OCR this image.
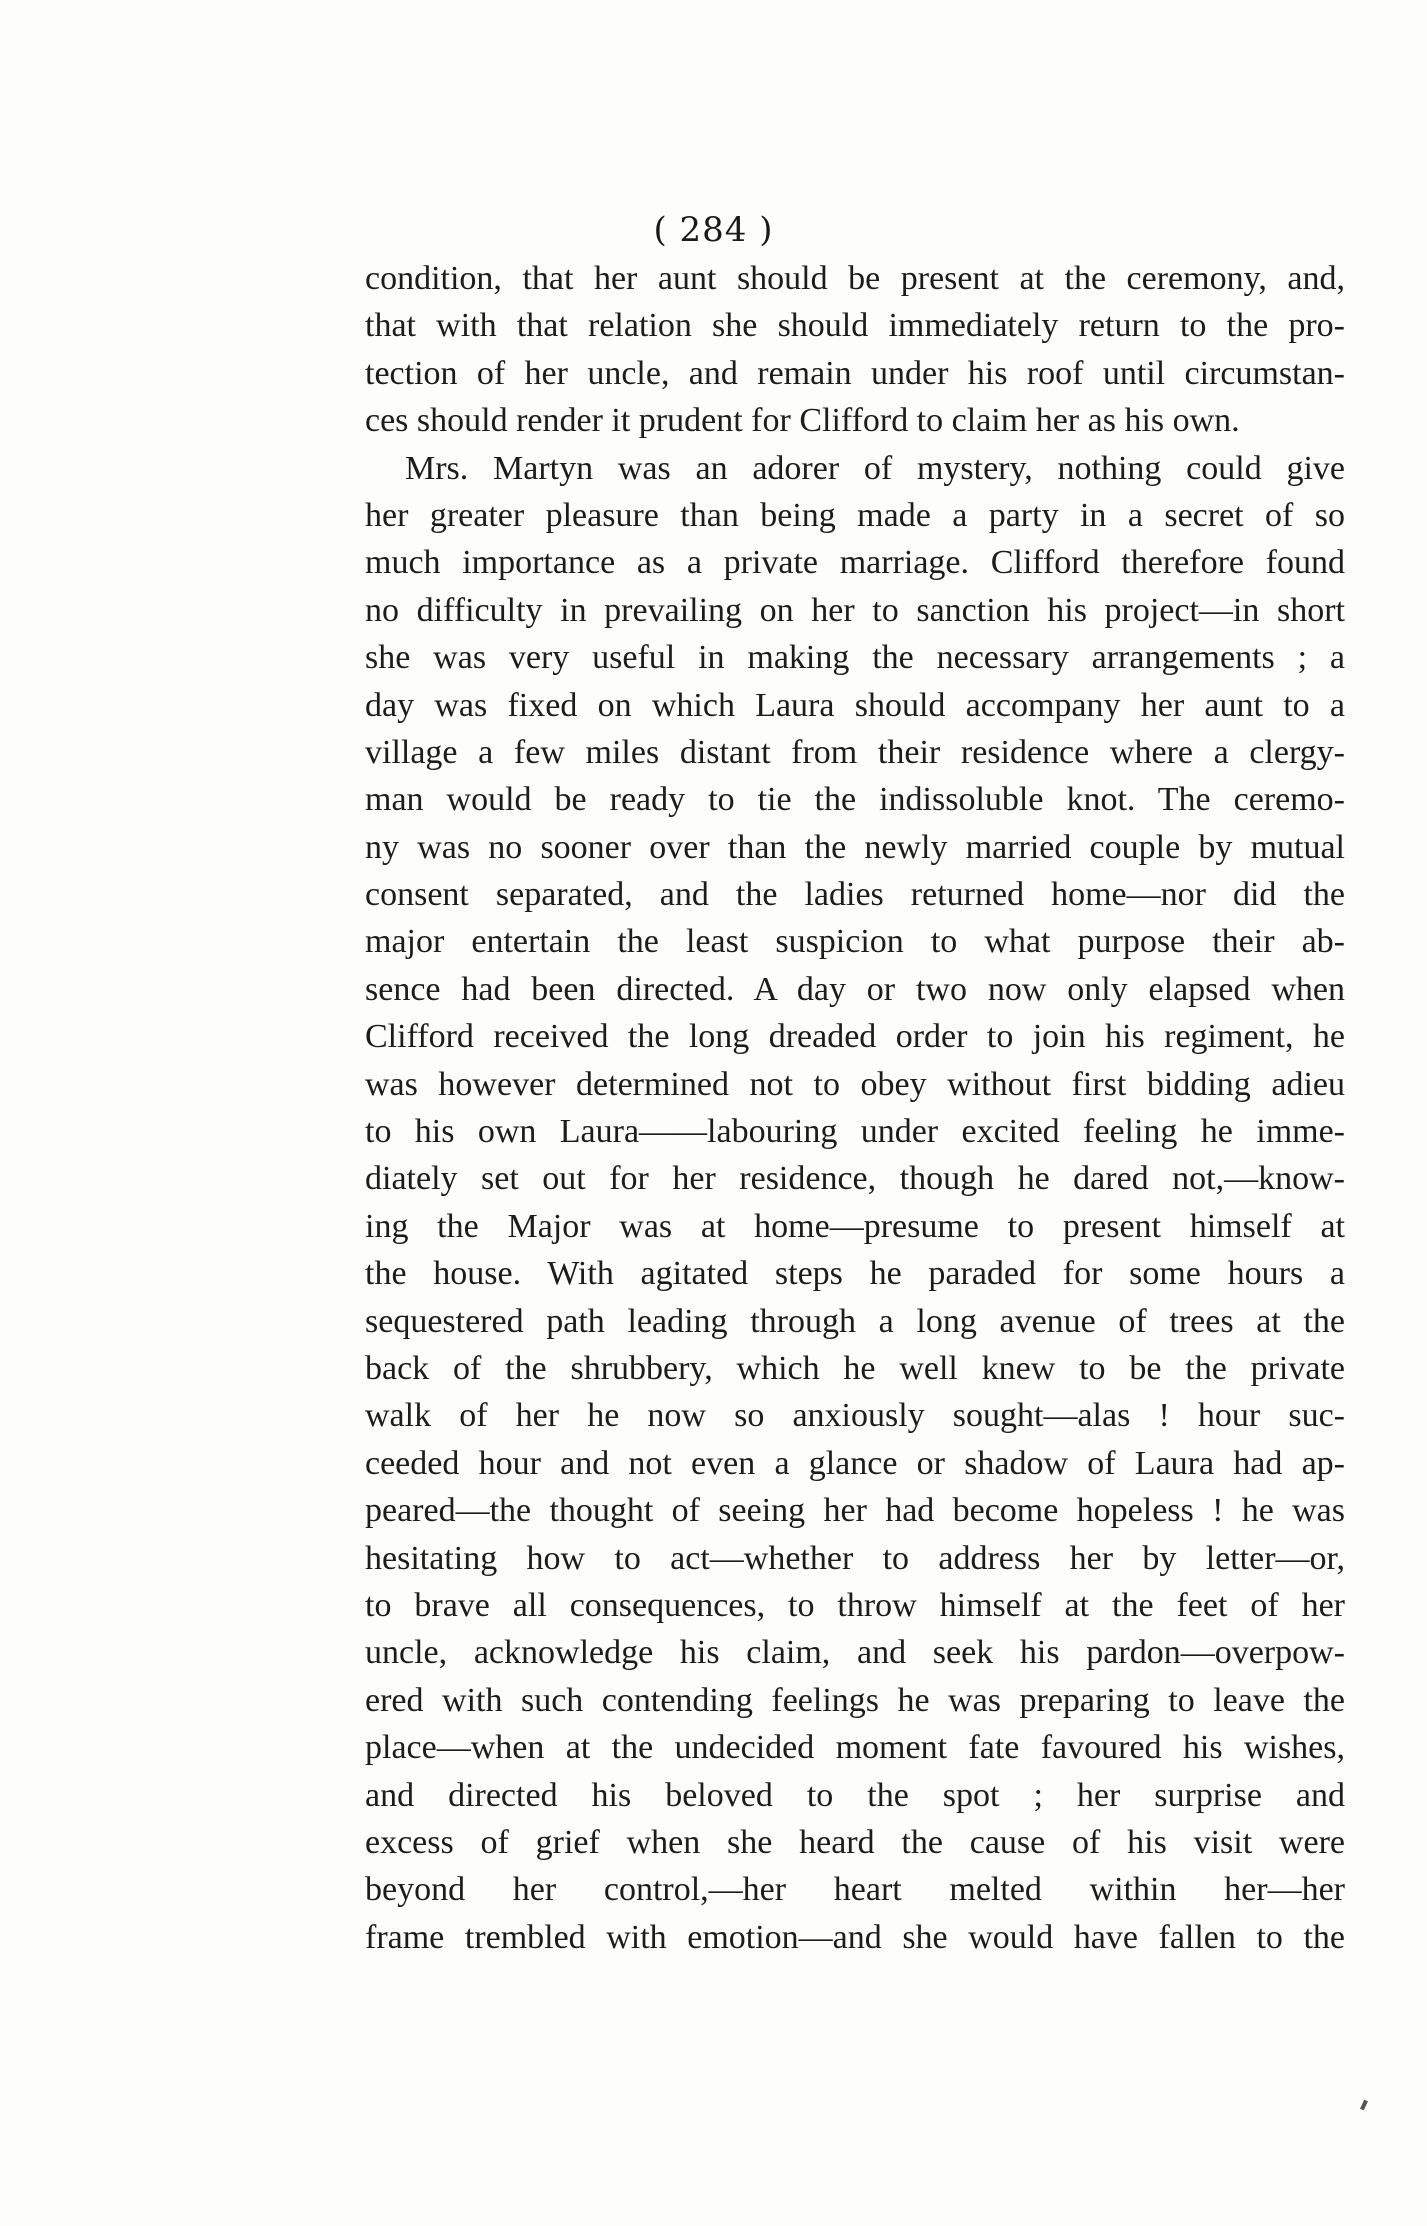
( 284 )
condition, that her aunt should be present at the ceremony, and,
that with that relation she should immediately return to the pro-
tection of her uncle, and remain under his roof until circumstan-
ces should render it prudent for Clifford to claim her as his own.
Mrs. Martyn was an adorer of mystery, nothing could give
her greater pleasure than being made a party in a secret of so
much importance as a private marriage. Clifford therefore found
no difficulty in prevailing on her to sanction his project—in short
she was very useful in making the necessary arrangements ; a
day was fixed on which Laura should accompany her aunt to a
village a few miles distant from their residence where a clergy-
man would be ready to tie the indissoluble knot. The ceremo-
ny was no sooner over than the newly married couple by mutual
consent separated, and the ladies returned home—nor did the
major entertain the least suspicion to what purpose their ab-
sence had been directed. A day or two now only elapsed when
Clifford received the long dreaded order to join his regiment, he
was however determined not to obey without first bidding adieu
to his own Laura——labouring under excited feeling he imme-
diately set out for her residence, though he dared not,—know-
ing the Major was at home—presume to present himself at
the house. With agitated steps he paraded for some hours a
sequestered path leading through a long avenue of trees at the
back of the shrubbery, which he well knew to be the private
walk of her he now so anxiously sought—alas ! hour suc-
ceeded hour and not even a glance or shadow of Laura had ap-
peared—the thought of seeing her had become hopeless ! he was
hesitating how to act—whether to address her by letter—or,
to brave all consequences, to throw himself at the feet of her
uncle, acknowledge his claim, and seek his pardon—overpow-
ered with such contending feelings he was preparing to leave the
place—when at the undecided moment fate favoured his wishes,
and directed his beloved to the spot ; her surprise and
excess of grief when she heard the cause of his visit were
beyond her control,—her heart melted within her—her
frame trembled with emotion—and she would have fallen to the
